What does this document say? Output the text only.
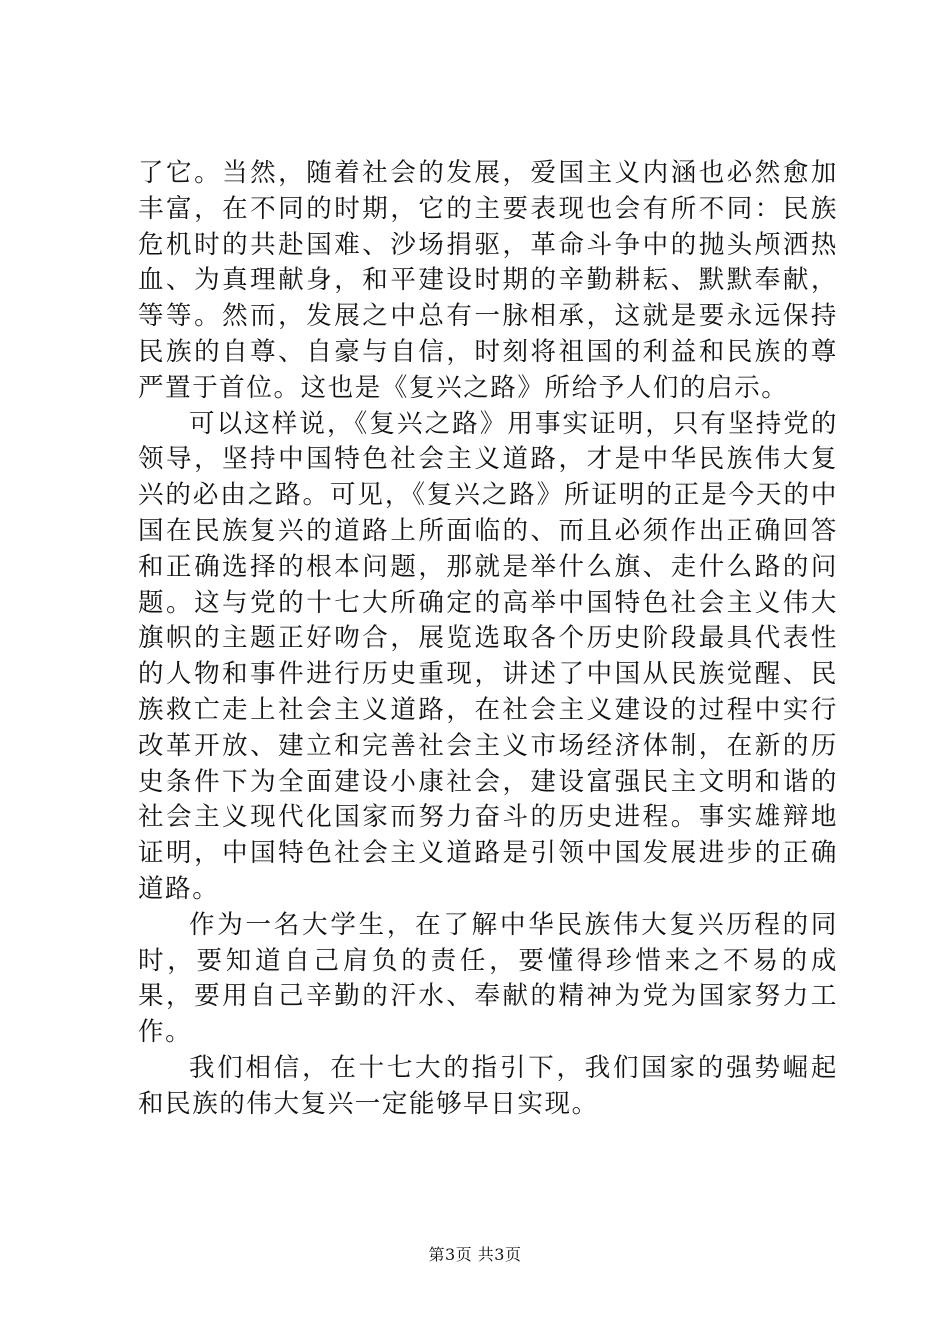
了它。当然，随着社会的发展，爱国主义内涵也必然愈加丰富，在不同的时期，它的主要表现也会有所不同：民族危机时的共赴国难、沙场捐驱，革命斗争中的抛头颅洒热血、为真理献身，和平建设时期的辛勤耕耘、默默奉献，等等。然而，发展之中总有一脉相承，这就是要永远保持民族的自尊、自豪与自信，时刻将祖国的利益和民族的尊严置于首位。这也是《复兴之路》所给予人们的启示。

可以这样说，《复兴之路》用事实证明，只有坚持党的领导，坚持中国特色社会主义道路，才是中华民族伟大复兴的必由之路。可见，《复兴之路》所证明的正是今天的中国在民族复兴的道路上所面临的、而且必须作出正确回答和正确选择的根本问题，那就是举什么旗、走什么路的问题。这与党的十七大所确定的高举中国特色社会主义伟大旗帜的主题正好吻合，展览选取各个历史阶段最具代表性的人物和事件进行历史重现，讲述了中国从民族觉醒、民族救亡走上社会主义道路，在社会主义建设的过程中实行改革开放、建立和完善社会主义市场经济体制，在新的历史条件下为全面建设小康社会，建设富强民主文明和谐的社会主义现代化国家而努力奋斗的历史进程。事实雄辩地证明，中国特色社会主义道路是引领中国发展进步的正确道路。

作为一名大学生，在了解中华民族伟大复兴历程的同时，要知道自己肩负的责任，要懂得珍惜来之不易的成果，要用自己辛勤的汗水、奉献的精神为党为国家努力工作。

我们相信，在十七大的指引下，我们国家的强势崛起和民族的伟大复兴一定能够早日实现。

第3页 共3页
